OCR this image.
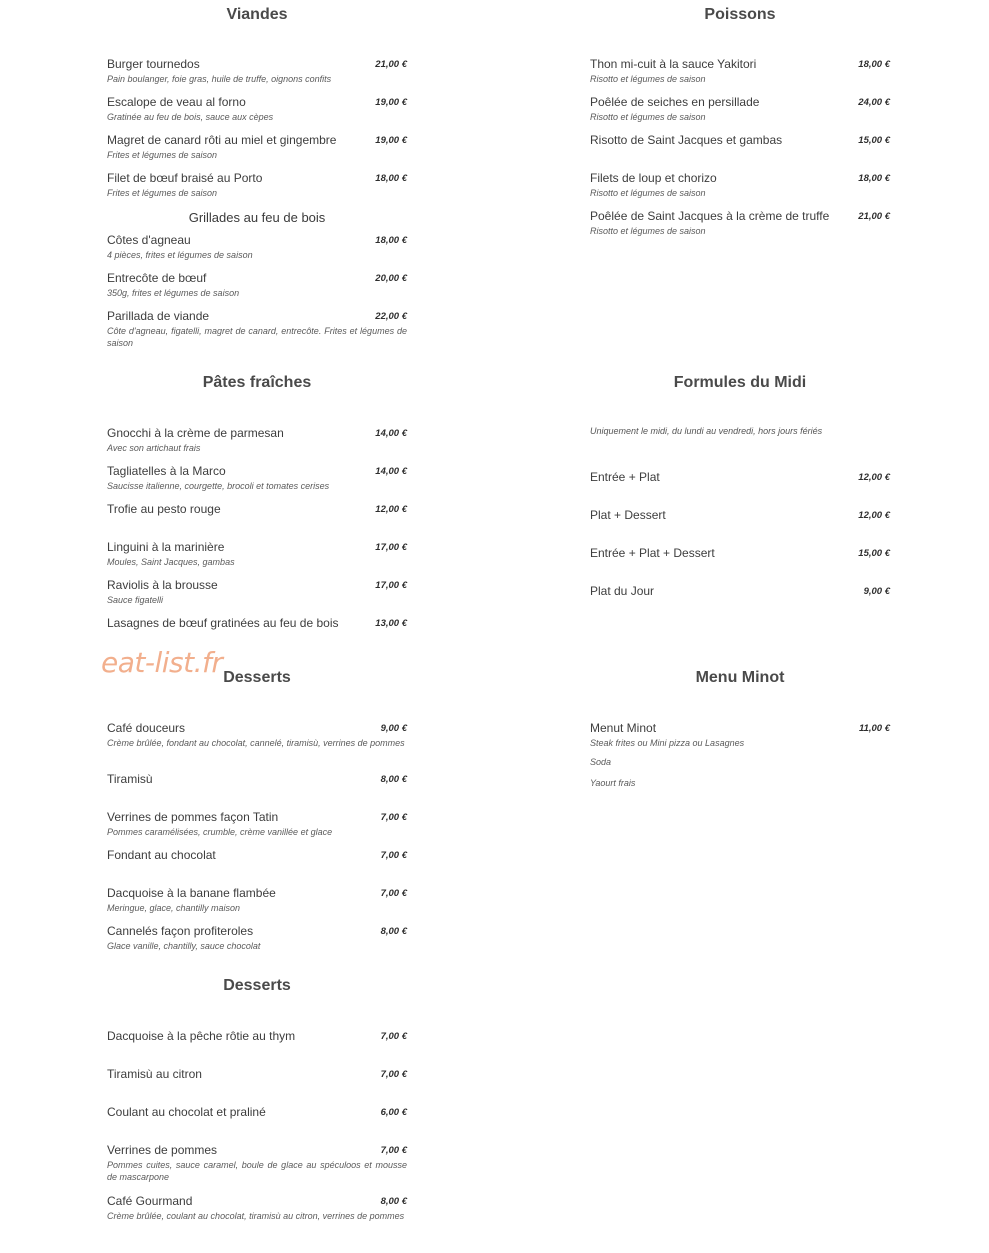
Viandes
Burger tournedos	21,00 €
Pain boulanger, foie gras, huile de truffe, oignons confits
Escalope de veau al forno	19,00 €
Gratinée au feu de bois, sauce aux cèpes
Magret de canard rôti au miel et gingembre	19,00 €
Frites et légumes de saison
Filet de bœuf braisé au Porto	18,00 €
Frites et légumes de saison
Grillades au feu de bois
Côtes d'agneau	18,00 €
4 pièces, frites et légumes de saison
Entrecôte de bœuf	20,00 €
350g, frites et légumes de saison
Parillada de viande	22,00 €
Côte d'agneau, figatelli, magret de canard, entrecôte. Frites et légumes de saison
Poissons
Thon mi-cuit à la sauce Yakitori	18,00 €
Risotto et légumes de saison
Poêlée de seiches en persillade	24,00 €
Risotto et légumes de saison
Risotto de Saint Jacques et gambas	15,00 €
Filets de loup et chorizo	18,00 €
Risotto et légumes de saison
Poêlée de Saint Jacques à la crème de truffe	21,00 €
Risotto et légumes de saison
Pâtes fraîches
Gnocchi à la crème de parmesan	14,00 €
Avec son artichaut frais
Tagliatelles à la Marco	14,00 €
Saucisse italienne, courgette, brocoli et tomates cerises
Trofie au pesto rouge	12,00 €
Linguini à la marinière	17,00 €
Moules, Saint Jacques, gambas
Raviolis à la brousse	17,00 €
Sauce figatelli
Lasagnes de bœuf gratinées au feu de bois	13,00 €
Formules du Midi
Uniquement le midi, du lundi au vendredi, hors jours fériés
Entrée + Plat	12,00 €
Plat + Dessert	12,00 €
Entrée + Plat + Dessert	15,00 €
Plat du Jour	9,00 €
eat-list.fr Desserts
Café douceurs	9,00 €
Crème brûlée, fondant au chocolat, cannelé, tiramisù, verrines de pommes
Tiramisù	8,00 €
Verrines de pommes façon Tatin	7,00 €
Pommes caramélisées, crumble, crème vanillée et glace
Fondant au chocolat	7,00 €
Dacquoise à la banane flambée	7,00 €
Meringue, glace, chantilly maison
Cannelés façon profiteroles	8,00 €
Glace vanille, chantilly, sauce chocolat
Menu Minot
Menut Minot	11,00 €
Steak frites ou Mini pizza ou Lasagnes
Soda
Yaourt frais
Desserts
Dacquoise à la pêche rôtie au thym	7,00 €
Tiramisù au citron	7,00 €
Coulant au chocolat et praliné	6,00 €
Verrines de pommes	7,00 €
Pommes cuites, sauce caramel, boule de glace au spéculoos et mousse de mascarpone
Café Gourmand	8,00 €
Crème brûlée, coulant au chocolat, tiramisù au citron, verrines de pommes
